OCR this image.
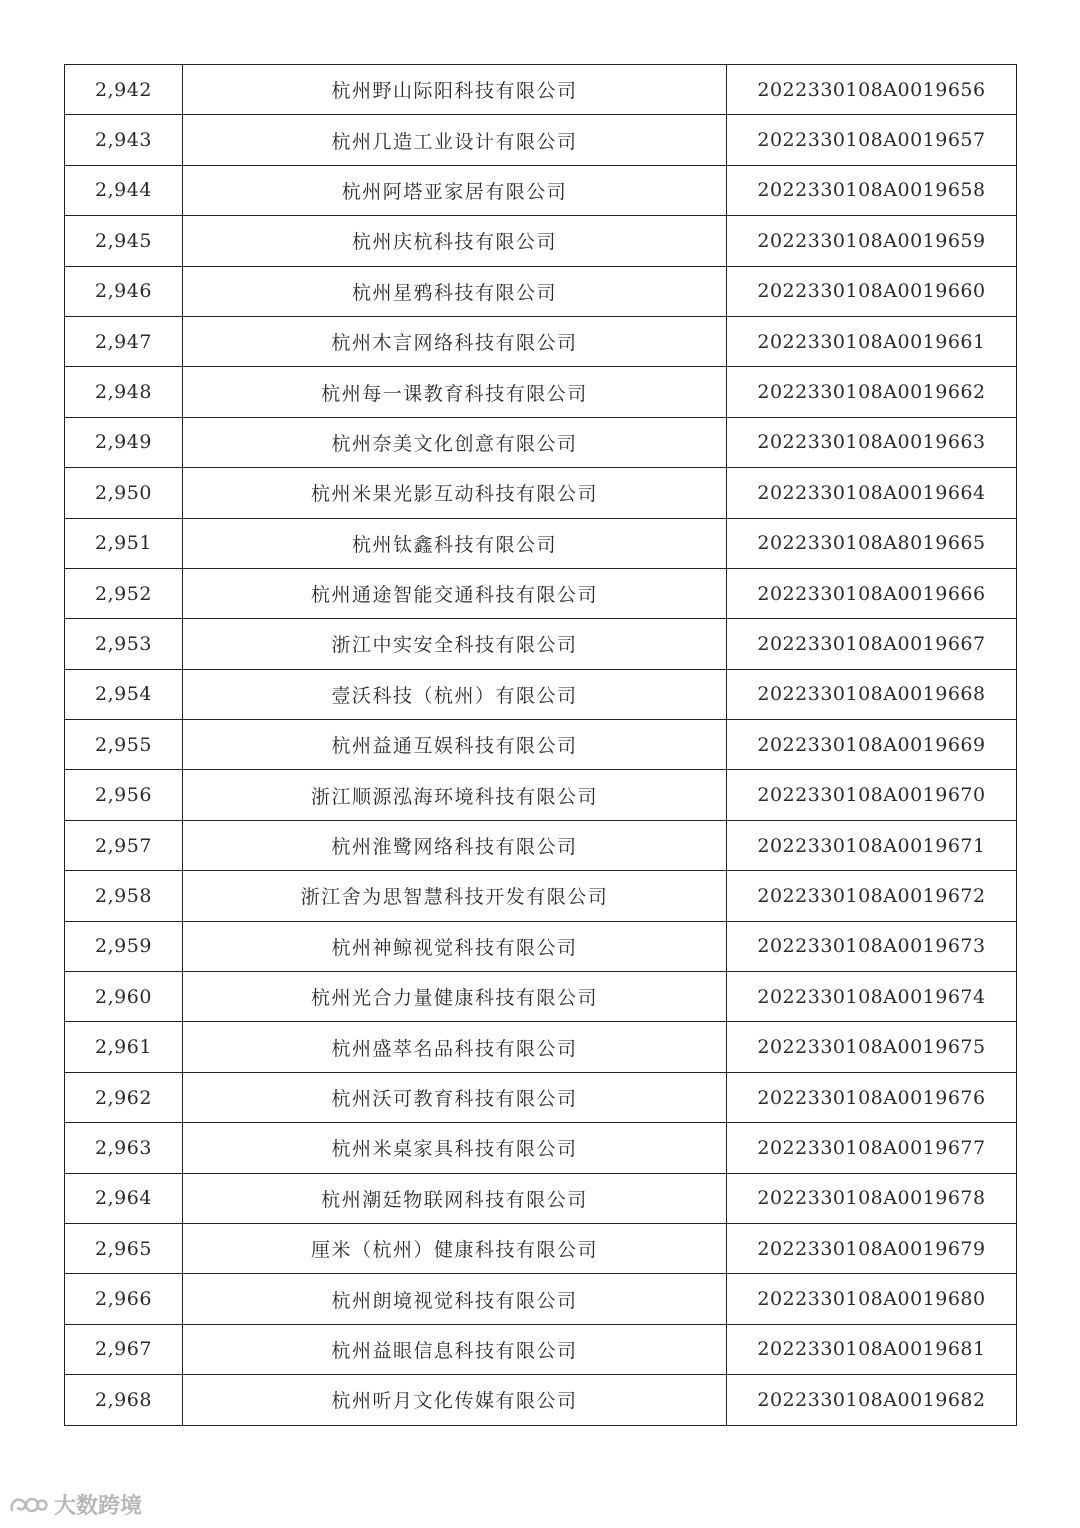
2,942	杭州野山际阳科技有限公司	2022330108A0019656
2,943	杭州几造工业设计有限公司	2022330108A0019657
2,944	杭州阿塔亚家居有限公司	2022330108A0019658
2,945	杭州庆杭科技有限公司	2022330108A0019659
2,946	杭州星鸦科技有限公司	2022330108A0019660
2,947	杭州木言网络科技有限公司	2022330108A0019661
2,948	杭州每一课教育科技有限公司	2022330108A0019662
2,949	杭州奈美文化创意有限公司	2022330108A0019663
2,950	杭州米果光影互动科技有限公司	2022330108A0019664
2,951	杭州钛鑫科技有限公司	2022330108A8019665
2,952	杭州通途智能交通科技有限公司	2022330108A0019666
2,953	浙江中实安全科技有限公司	2022330108A0019667
2,954	壹沃科技（杭州）有限公司	2022330108A0019668
2,955	杭州益通互娱科技有限公司	2022330108A0019669
2,956	浙江顺源泓海环境科技有限公司	2022330108A0019670
2,957	杭州淮鹭网络科技有限公司	2022330108A0019671
2,958	浙江舍为思智慧科技开发有限公司	2022330108A0019672
2,959	杭州神鲸视觉科技有限公司	2022330108A0019673
2,960	杭州光合力量健康科技有限公司	2022330108A0019674
2,961	杭州盛萃名品科技有限公司	2022330108A0019675
2,962	杭州沃可教育科技有限公司	2022330108A0019676
2,963	杭州米桌家具科技有限公司	2022330108A0019677
2,964	杭州潮廷物联网科技有限公司	2022330108A0019678
2,965	厘米（杭州）健康科技有限公司	2022330108A0019679
2,966	杭州朗境视觉科技有限公司	2022330108A0019680
2,967	杭州益眼信息科技有限公司	2022330108A0019681
2,968	杭州听月文化传媒有限公司	2022330108A0019682
大数跨境
